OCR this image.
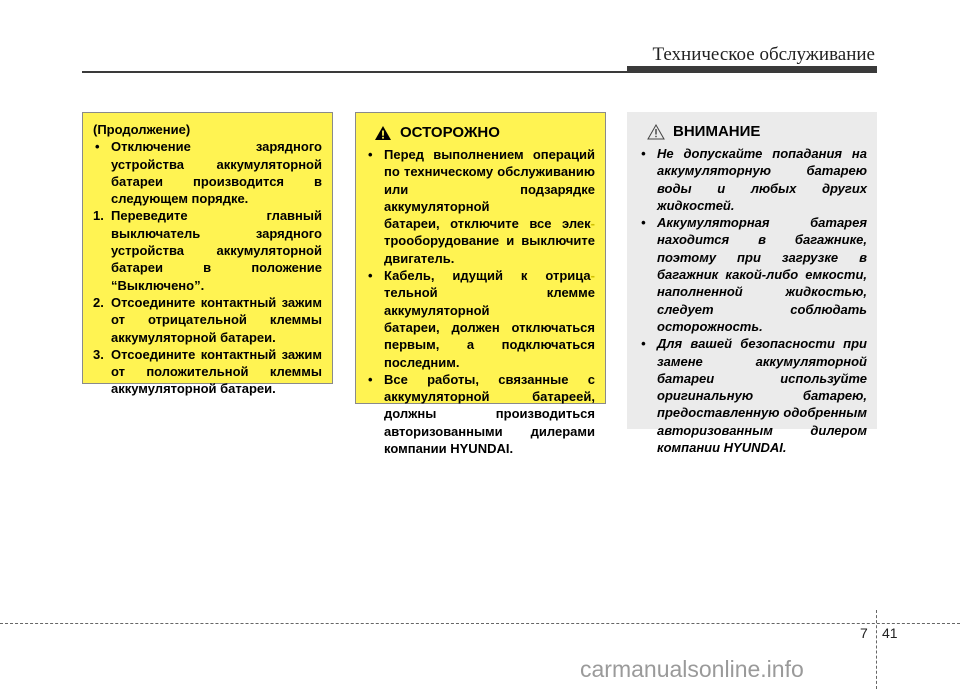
Техническое обслуживание
(Продолжение)
• Отключение зарядного
устройства аккумуляторной
батареи производится в
следующем порядке.
1. Переведите главный
выключатель зарядного
устройства аккумуляторной
батареи в положение
“Выключено”.
2. Отсоедините контактный зажим
от отрицательной клеммы
аккумуляторной батареи.
3. Отсоедините контактный зажим
от положительной клеммы
аккумуляторной батареи.
ОСТОРОЖНО
• Перед выполнением операций
по техническому обслуживанию
или подзарядке аккумуляторной
батареи, отключите все элек-
трооборудование и выключите
двигатель.
• Кабель, идущий к отрица-
тельной клемме аккумуляторной
батареи, должен отключаться
первым, а подключаться
последним.
• Все работы, связанные с
аккумуляторной батареей,
должны производиться
авторизованными дилерами
компании HYUNDAI.
ВНИМАНИЕ
• Не допускайте попадания на
аккумуляторную батарею
воды и любых других
жидкостей.
• Аккумуляторная батарея
находится в багажнике,
поэтому при загрузке в
багажник какой-либо емкости,
наполненной жидкостью,
следует соблюдать
осторожность.
• Для вашей безопасности при
замене аккумуляторной
батареи используйте
оригинальную батарею,
предоставленную одобренным
авторизованным дилером
компании HYUNDAI.
7 41
carmanualsonline.info
